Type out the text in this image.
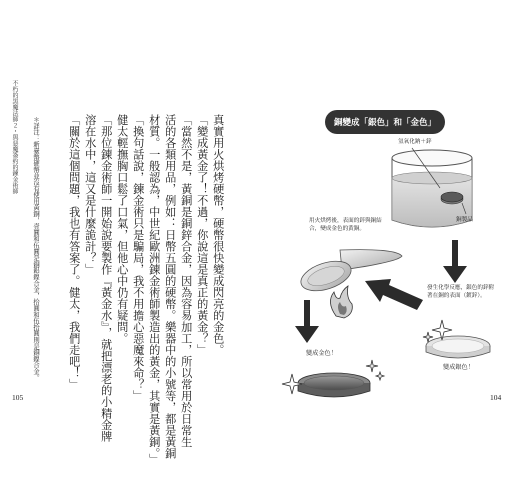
不朽的黑魔法師２・與惡魔簽約的鍊金術師	真實用火烘烤硬幣，硬幣很快變成閃亮的金色。
「變成黃金了！不過，你說這是真正的黃金？」
「當然不是，黃銅是銅鋅合金，因為容易加工，所以常用於日常生
活的各類用品，例如：日幣五圓的硬幣。樂器中的小號等，都是黃銅
材質。一般認為，中世紀歐洲鍊金術師製造出的黃金，其實是黃銅。」
「換句話說，鍊金術只是騙局，我不用擔心惡魔來命？」
健太輕撫胸口鬆了口氣，但他心中仍有疑問。
「那位鍊金術師一開始說要製作『黃金水』，就把漂老的小精金牌
溶在水中，這又是什麼詭計？」
「關於這個問題，我也有答案了。健太，我們走吧！」
＊詳注：新臺幣硬幣並沒有使用黃銅，壹圓和伍圓是銅鋁鎳合金，拾圓和伍拾圓則是銅鎳合金。
105	104
銅變成「銀色」和「金色」
氫氧化鈉＋鋅
銅製品
用火烘烤後，表面的鋅與銅結合，變成金色的黃銅。
發生化學反應，銀色的鋅附著在銅的表面（鍍鋅）。
變成金色！
變成銀色！
